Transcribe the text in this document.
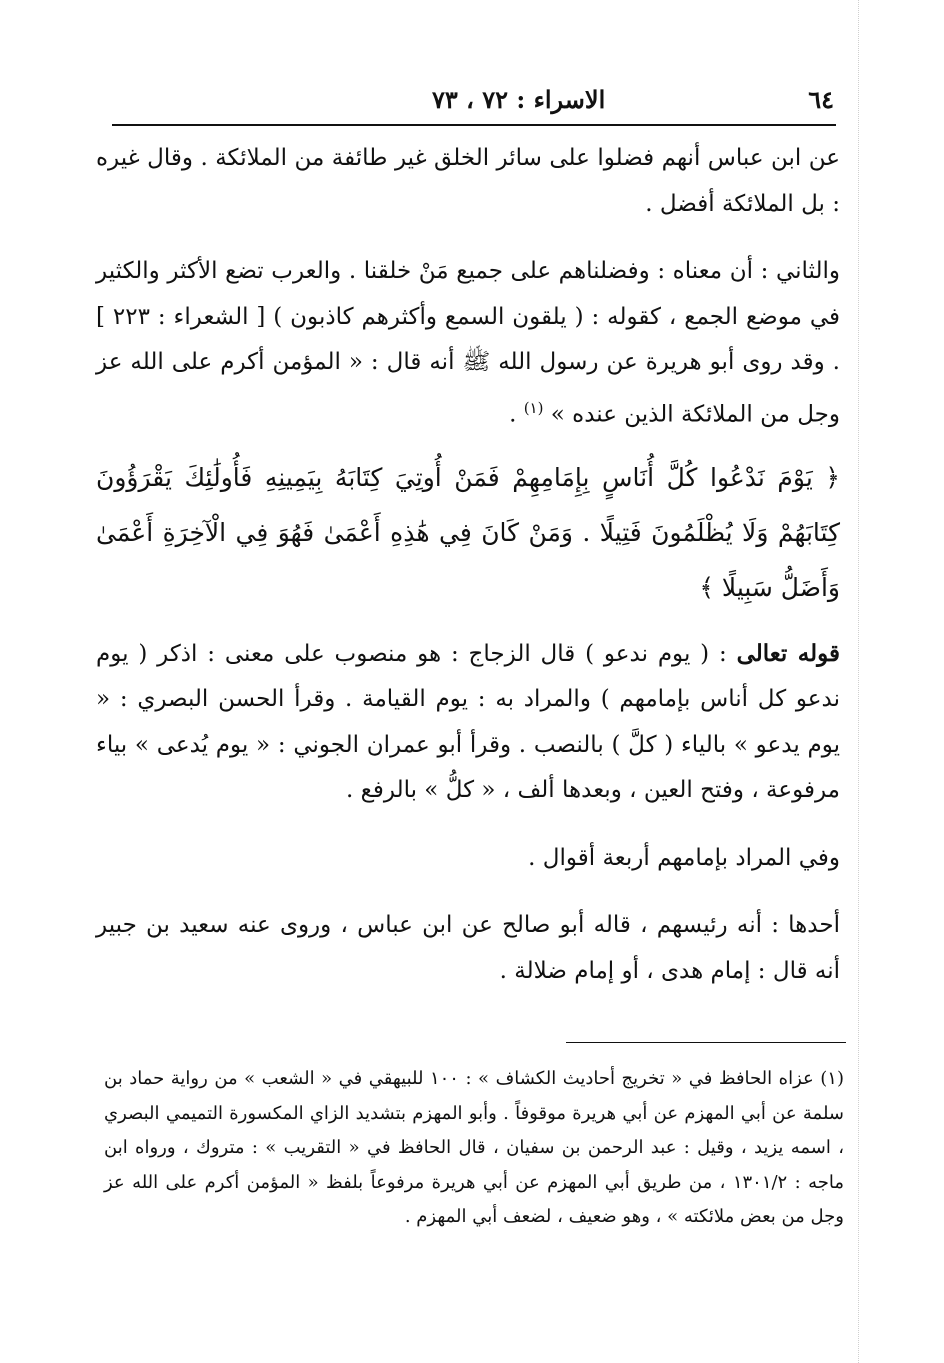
٦٤
الاسراء : ٧٢ ، ٧٣

عن ابن عباس أنهم فضلوا على سائر الخلق غير طائفة من الملائكة . وقال غيره : بل الملائكة أفضل .

والثاني : أن معناه : وفضلناهم على جميع مَنْ خلقنا . والعرب تضع الأكثر والكثير في موضع الجمع ، كقوله : ( يلقون السمع وأكثرهم كاذبون ) [ الشعراء : ٢٢٣ ] . وقد روى أبو هريرة عن رسول الله ﷺ أنه قال : « المؤمن أكرم على الله عز وجل من الملائكة الذين عنده » $^{(١)}$ .

﴿ يَوْمَ نَدْعُوا كُلَّ أُنَاسٍ بِإِمَامِهِمْ فَمَنْ أُوتِيَ كِتَابَهُ بِيَمِينِهِ فَأُولَٰئِكَ يَقْرَؤُونَ كِتَابَهُمْ وَلَا يُظْلَمُونَ فَتِيلًا . وَمَنْ كَانَ فِي هَٰذِهِ أَعْمَىٰ فَهُوَ فِي الْآخِرَةِ أَعْمَىٰ وَأَضَلُّ سَبِيلًا ﴾

قوله تعالى : ( يوم ندعو ) قال الزجاج : هو منصوب على معنى : اذكر ( يوم ندعو كل أناس بإمامهم ) والمراد به : يوم القيامة . وقرأ الحسن البصري : « يوم يدعو » بالياء ( كلَّ ) بالنصب . وقرأ أبو عمران الجوني : « يوم يُدعى » بياء مرفوعة ، وفتح العين ، وبعدها ألف ، « كلُّ » بالرفع .

وفي المراد بإمامهم أربعة أقوال .

أحدها : أنه رئيسهم ، قاله أبو صالح عن ابن عباس ، وروى عنه سعيد بن جبير أنه قال : إمام هدى ، أو إمام ضلالة .

(١) عزاه الحافظ في « تخريج أحاديث الكشاف » : ١٠٠ للبيهقي في « الشعب » من رواية حماد بن سلمة عن أبي المهزم عن أبي هريرة موقوفاً . وأبو المهزم بتشديد الزاي المكسورة التميمي البصري ، اسمه يزيد ، وقيل : عبد الرحمن بن سفيان ، قال الحافظ في « التقريب » : متروك ، ورواه ابن ماجه : ١٣٠١/٢ ، من طريق أبي المهزم عن أبي هريرة مرفوعاً بلفظ « المؤمن أكرم على الله عز وجل من بعض ملائكته » ، وهو ضعيف ، لضعف أبي المهزم .
